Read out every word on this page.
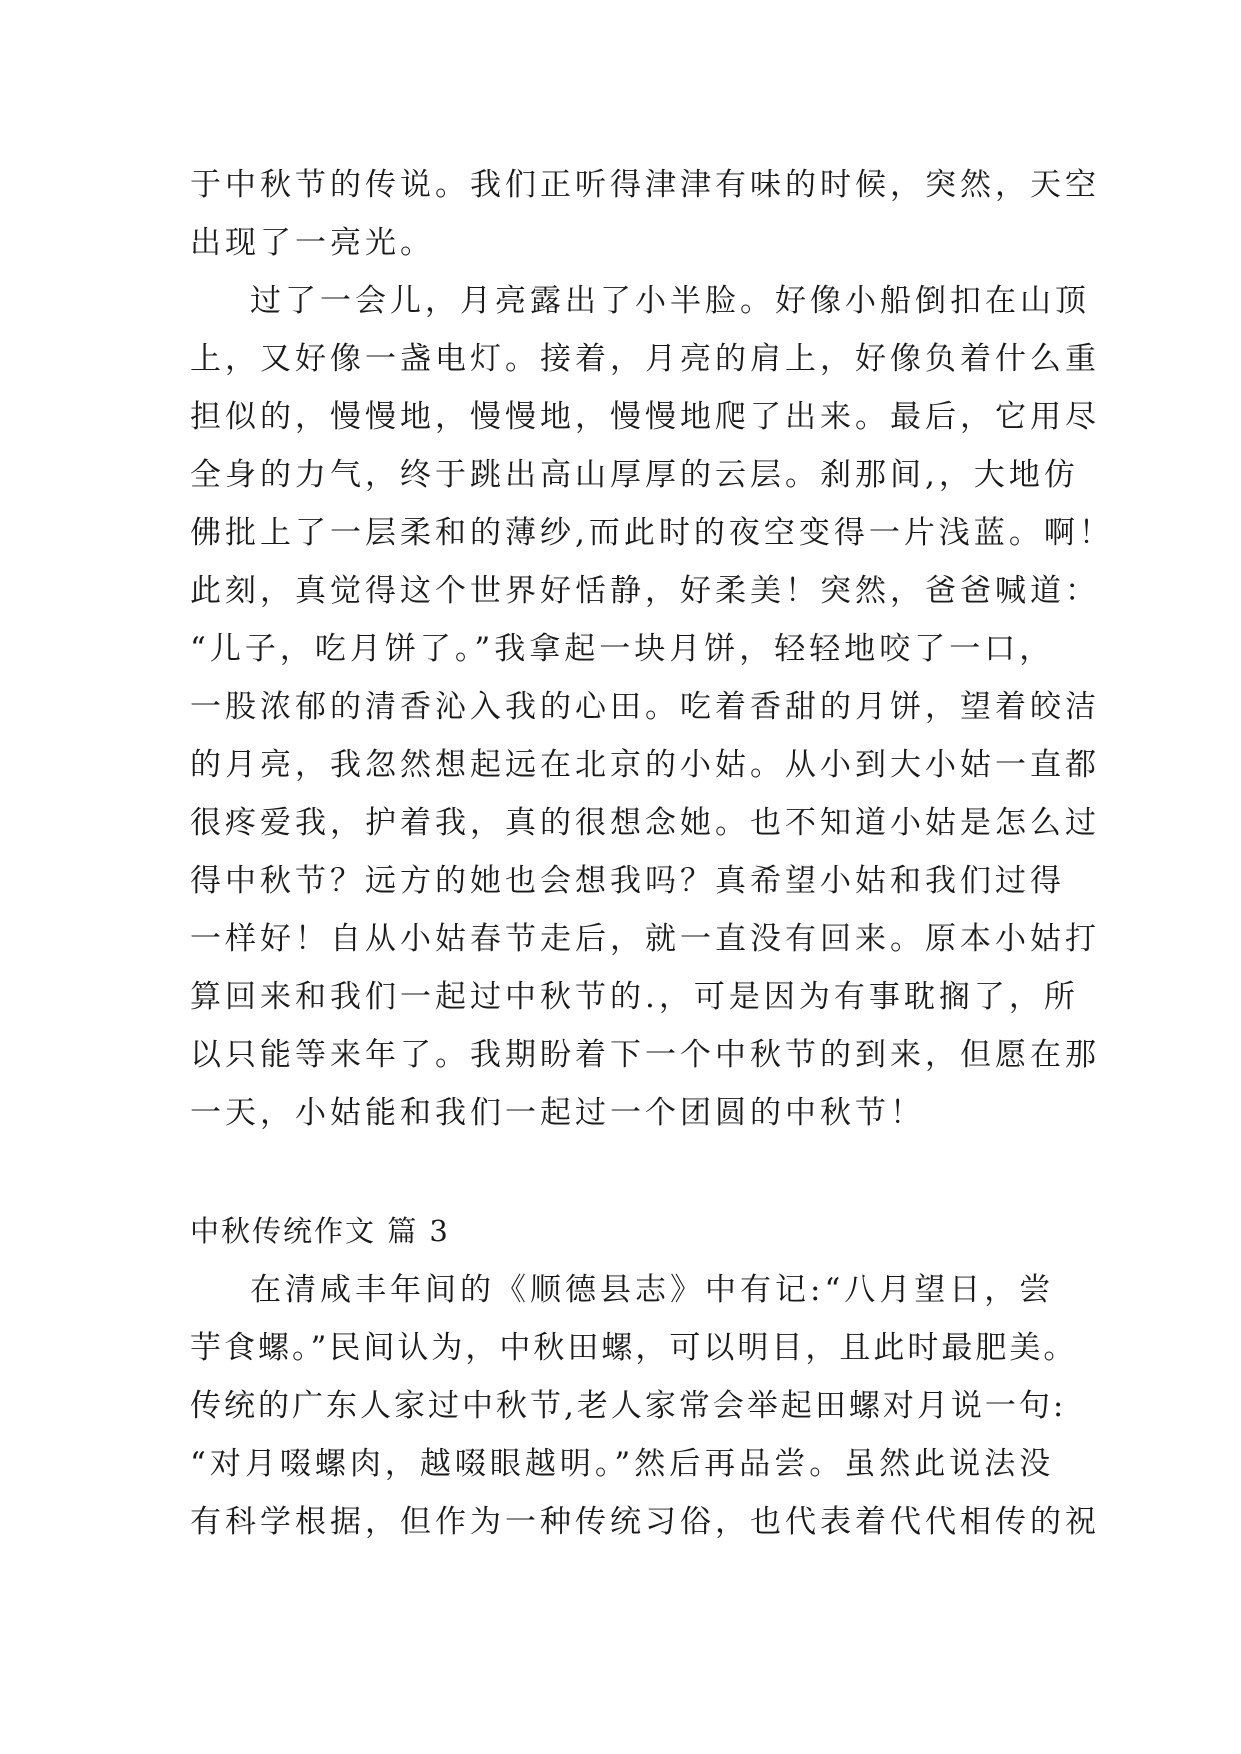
于中秋节的传说。我们正听得津津有味的时候，突然，天空
出现了一亮光。
过了一会儿，月亮露出了小半脸。好像小船倒扣在山顶
上，又好像一盏电灯。接着，月亮的肩上，好像负着什么重
担似的，慢慢地，慢慢地，慢慢地爬了出来。最后，它用尽
全身的力气，终于跳出高山厚厚的云层。刹那间,，大地仿
佛批上了一层柔和的薄纱,而此时的夜空变得一片浅蓝。啊！
此刻，真觉得这个世界好恬静，好柔美！突然，爸爸喊道：
“儿子，吃月饼了。”我拿起一块月饼，轻轻地咬了一口，
一股浓郁的清香沁入我的心田。吃着香甜的月饼，望着皎洁
的月亮，我忽然想起远在北京的小姑。从小到大小姑一直都
很疼爱我，护着我，真的很想念她。也不知道小姑是怎么过
得中秋节？远方的她也会想我吗？真希望小姑和我们过得
一样好！自从小姑春节走后，就一直没有回来。原本小姑打
算回来和我们一起过中秋节的.，可是因为有事耽搁了，所
以只能等来年了。我期盼着下一个中秋节的到来，但愿在那
一天，小姑能和我们一起过一个团圆的中秋节！
中秋传统作文 篇 3
在清咸丰年间的《顺德县志》中有记:“八月望日，尝
芋食螺。”民间认为，中秋田螺，可以明目，且此时最肥美。
传统的广东人家过中秋节,老人家常会举起田螺对月说一句:
“对月啜螺肉，越啜眼越明。”然后再品尝。虽然此说法没
有科学根据，但作为一种传统习俗，也代表着代代相传的祝
